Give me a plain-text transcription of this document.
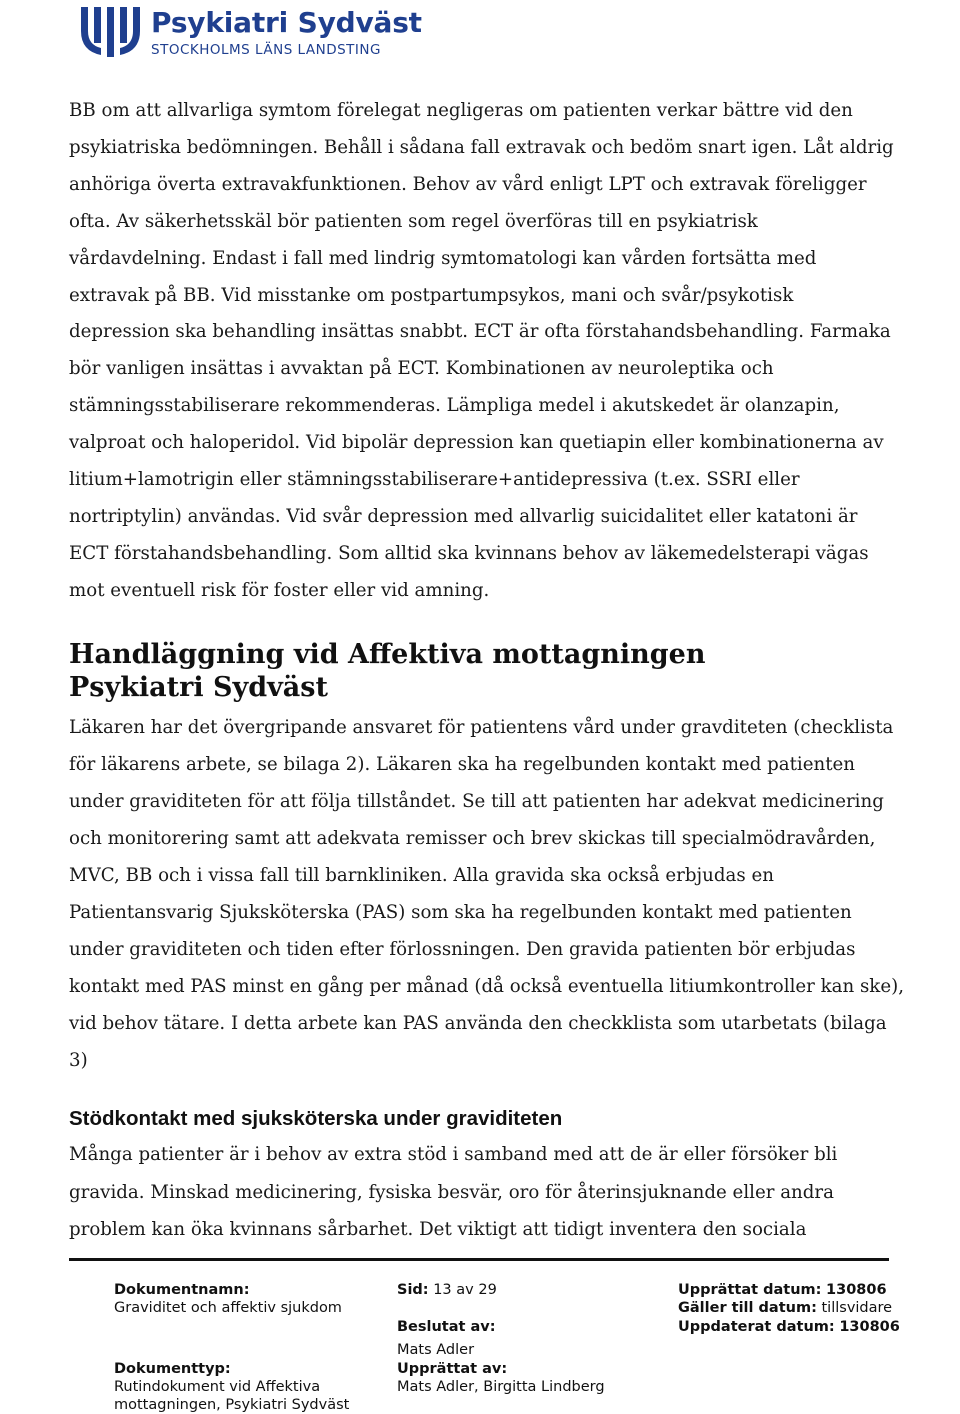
Psykiatri Sydväst
STOCKHOLMS LÄNS LANDSTING

BB om att allvarliga symtom förelegat negligeras om patienten verkar bättre vid den psykiatriska bedömningen. Behåll i sådana fall extravak och bedöm snart igen. Låt aldrig anhöriga överta extravakfunktionen. Behov av vård enligt LPT och extravak föreligger ofta. Av säkerhetsskäl bör patienten som regel överföras till en psykiatrisk vårdavdelning. Endast i fall med lindrig symtomatologi kan vården fortsätta med extravak på BB. Vid misstanke om postpartumpsykos, mani och svår/psykotisk depression ska behandling insättas snabbt. ECT är ofta förstahandsbehandling. Farmaka bör vanligen insättas i avvaktan på ECT. Kombinationen av neuroleptika och stämningsstabiliserare rekommenderas. Lämpliga medel i akutskedet är olanzapin, valproat och haloperidol. Vid bipolär depression kan quetiapin eller kombinationerna av litium+lamotrigin eller stämningsstabiliserare+antidepressiva (t.ex. SSRI eller nortriptylin) användas. Vid svår depression med allvarlig suicidalitet eller katatoni är ECT förstahandsbehandling. Som alltid ska kvinnans behov av läkemedelsterapi vägas mot eventuell risk för foster eller vid amning.

Handläggning vid Affektiva mottagningen
Psykiatri Sydväst

Läkaren har det övergripande ansvaret för patientens vård under gravditeten (checklista för läkarens arbete, se bilaga 2). Läkaren ska ha regelbunden kontakt med patienten under graviditeten för att följa tillståndet. Se till att patienten har adekvat medicinering och monitorering samt att adekvata remisser och brev skickas till specialmödravården, MVC, BB och i vissa fall till barnkliniken. Alla gravida ska också erbjudas en Patientansvarig Sjuksköterska (PAS) som ska ha regelbunden kontakt med patienten under graviditeten och tiden efter förlossningen. Den gravida patienten bör erbjudas kontakt med PAS minst en gång per månad (då också eventuella litiumkontroller kan ske), vid behov tätare. I detta arbete kan PAS använda den checkklista som utarbetats (bilaga 3)

Stödkontakt med sjuksköterska under graviditeten

Många patienter är i behov av extra stöd i samband med att de är eller försöker bli gravida. Minskad medicinering, fysiska besvär, oro för återinsjuknande eller andra problem kan öka kvinnans sårbarhet. Det viktigt att tidigt inventera den sociala

Dokumentnamn:
Graviditet och affektiv sjukdom
Dokumenttyp:
Rutindokument vid Affektiva
mottagningen, Psykiatri Sydväst
Sid: 13 av 29
Beslutat av:
Mats Adler
Upprättat av:
Mats Adler, Birgitta Lindberg
Upprättat datum: 130806
Gäller till datum: tillsvidare
Uppdaterat datum: 130806
